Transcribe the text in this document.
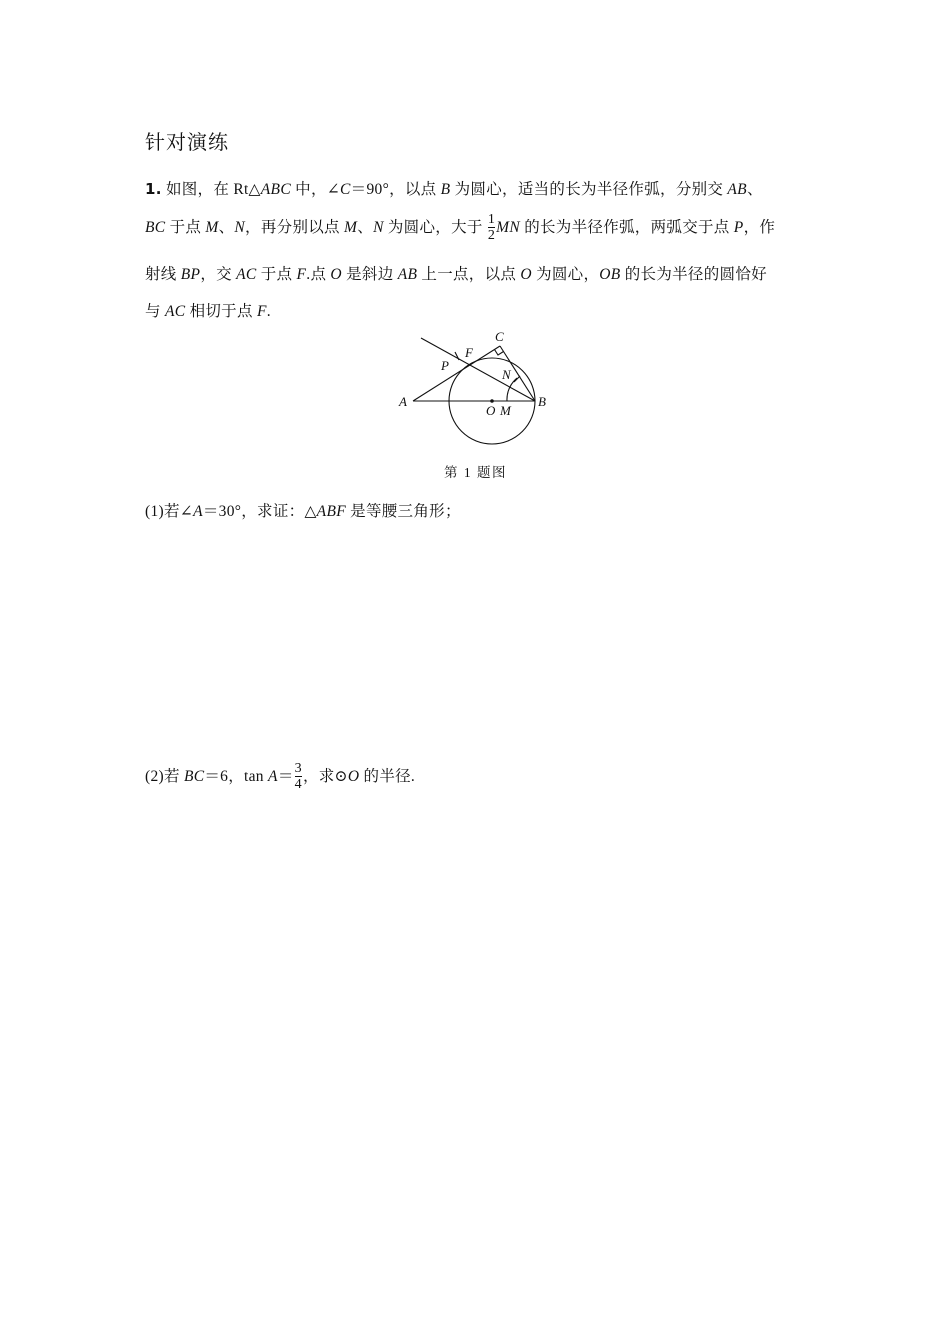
针对演练
1. 如图，在 Rt△ABC 中，∠C＝90°，以点 B 为圆心，适当的长为半径作弧，分别交 AB、
BC 于点 M、N，再分别以点 M、N 为圆心，大于 $\frac{1}{2}$ MN 的长为半径作弧，两弧交于点 P，作
射线 BP，交 AC 于点 F.点 O 是斜边 AB 上一点，以点 O 为圆心，OB 的长为半径的圆恰好
与 AC 相切于点 F.
A	B
C
O M
N
P
F
第 1 题图
(1)若∠A＝30°，求证：△ABF 是等腰三角形；
(2)若 BC＝6，$\tan A= \frac{3}{4}$ ，求⊙O 的半径.
